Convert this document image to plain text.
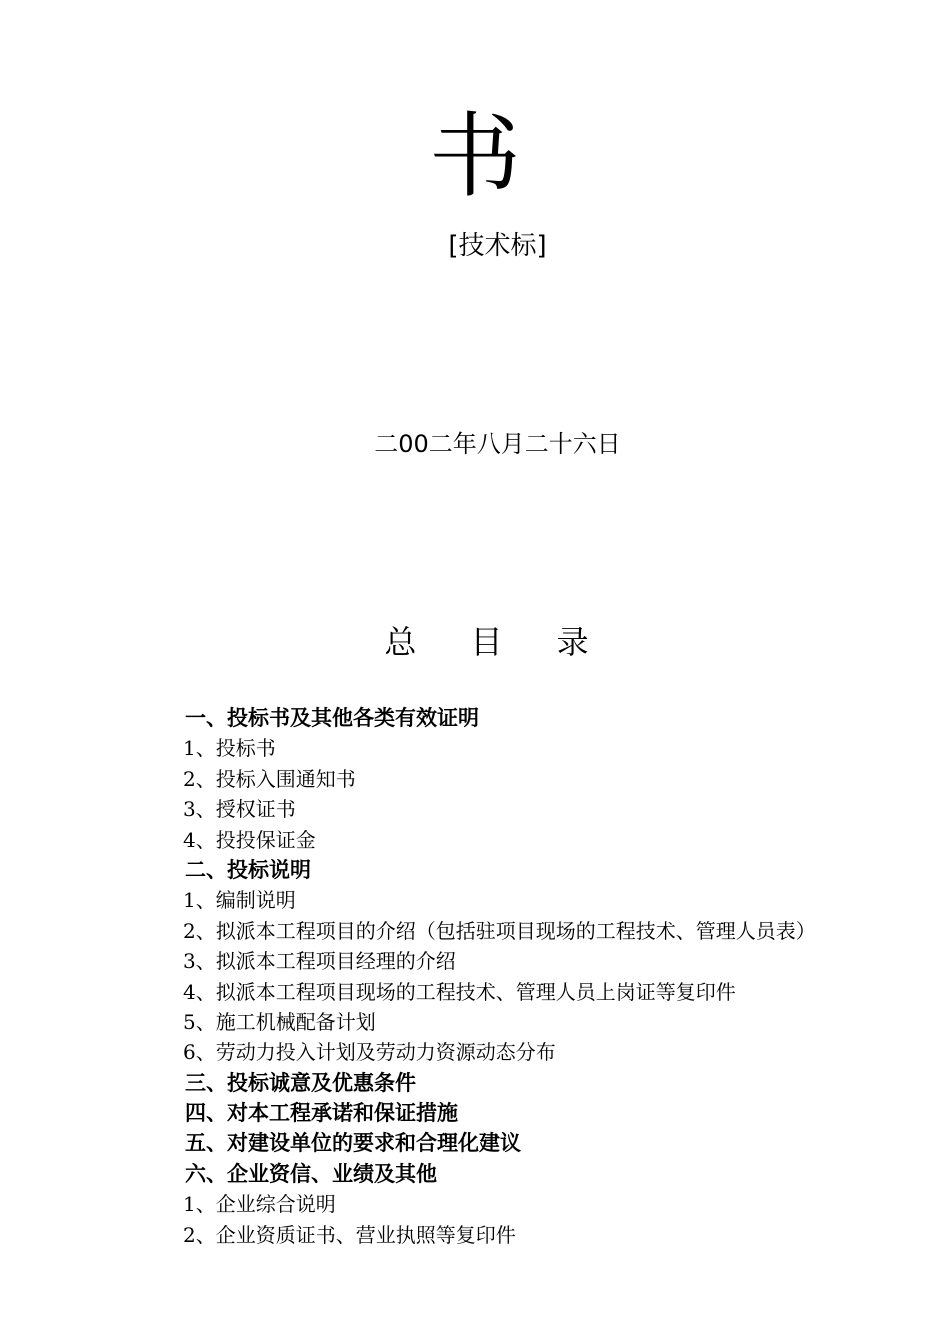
书
[技术标]
二00二年八月二十六日
总 目 录
一、投标书及其他各类有效证明
1、投标书
2、投标入围通知书
3、授权证书
4、投投保证金
二、投标说明
1、编制说明
2、拟派本工程项目的介绍（包括驻项目现场的工程技术、管理人员表）
3、拟派本工程项目经理的介绍
4、拟派本工程项目现场的工程技术、管理人员上岗证等复印件
5、施工机械配备计划
6、劳动力投入计划及劳动力资源动态分布
三、投标诚意及优惠条件
四、对本工程承诺和保证措施
五、对建设单位的要求和合理化建议
六、企业资信、业绩及其他
1、企业综合说明
2、企业资质证书、营业执照等复印件
